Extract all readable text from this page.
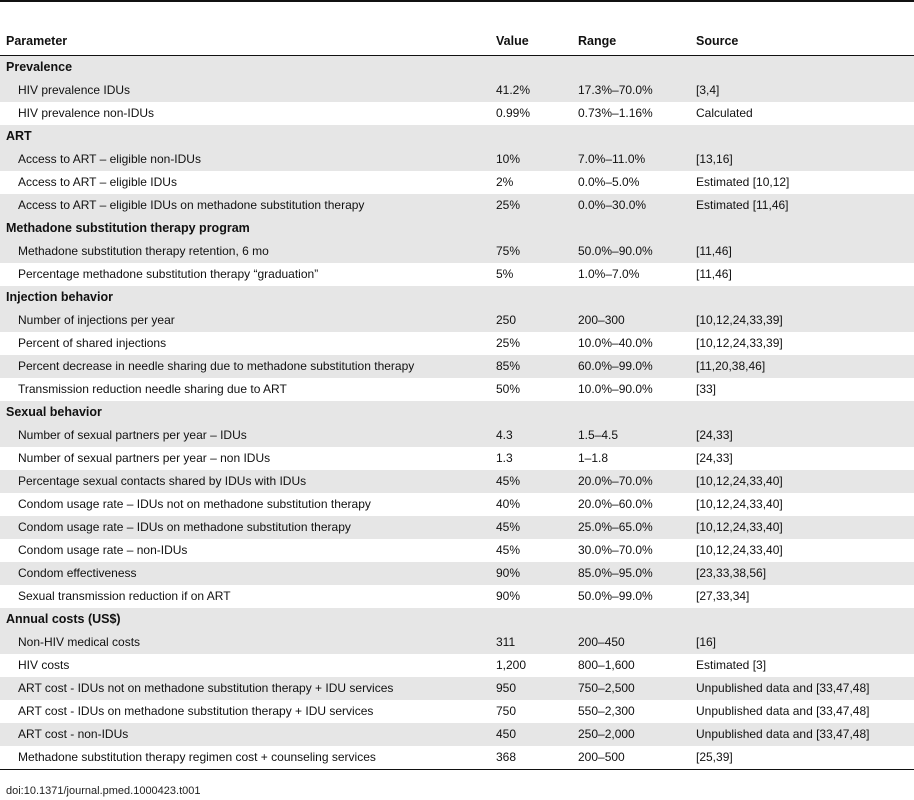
Parameter	Value	Range	Source
Prevalence			
HIV prevalence IDUs	41.2%	17.3%–70.0%	[3,4]
HIV prevalence non-IDUs	0.99%	0.73%–1.16%	Calculated
ART			
Access to ART – eligible non-IDUs	10%	7.0%–11.0%	[13,16]
Access to ART – eligible IDUs	2%	0.0%–5.0%	Estimated [10,12]
Access to ART – eligible IDUs on methadone substitution therapy	25%	0.0%–30.0%	Estimated [11,46]
Methadone substitution therapy program			
Methadone substitution therapy retention, 6 mo	75%	50.0%–90.0%	[11,46]
Percentage methadone substitution therapy “graduation”	5%	1.0%–7.0%	[11,46]
Injection behavior			
Number of injections per year	250	200–300	[10,12,24,33,39]
Percent of shared injections	25%	10.0%–40.0%	[10,12,24,33,39]
Percent decrease in needle sharing due to methadone substitution therapy	85%	60.0%–99.0%	[11,20,38,46]
Transmission reduction needle sharing due to ART	50%	10.0%–90.0%	[33]
Sexual behavior			
Number of sexual partners per year – IDUs	4.3	1.5–4.5	[24,33]
Number of sexual partners per year – non IDUs	1.3	1–1.8	[24,33]
Percentage sexual contacts shared by IDUs with IDUs	45%	20.0%–70.0%	[10,12,24,33,40]
Condom usage rate – IDUs not on methadone substitution therapy	40%	20.0%–60.0%	[10,12,24,33,40]
Condom usage rate – IDUs on methadone substitution therapy	45%	25.0%–65.0%	[10,12,24,33,40]
Condom usage rate – non-IDUs	45%	30.0%–70.0%	[10,12,24,33,40]
Condom effectiveness	90%	85.0%–95.0%	[23,33,38,56]
Sexual transmission reduction if on ART	90%	50.0%–99.0%	[27,33,34]
Annual costs (US$)			
Non-HIV medical costs	311	200–450	[16]
HIV costs	1,200	800–1,600	Estimated [3]
ART cost - IDUs not on methadone substitution therapy + IDU services	950	750–2,500	Unpublished data and [33,47,48]
ART cost - IDUs on methadone substitution therapy + IDU services	750	550–2,300	Unpublished data and [33,47,48]
ART cost - non-IDUs	450	250–2,000	Unpublished data and [33,47,48]
Methadone substitution therapy regimen cost + counseling services	368	200–500	[25,39]
doi:10.1371/journal.pmed.1000423.t001
